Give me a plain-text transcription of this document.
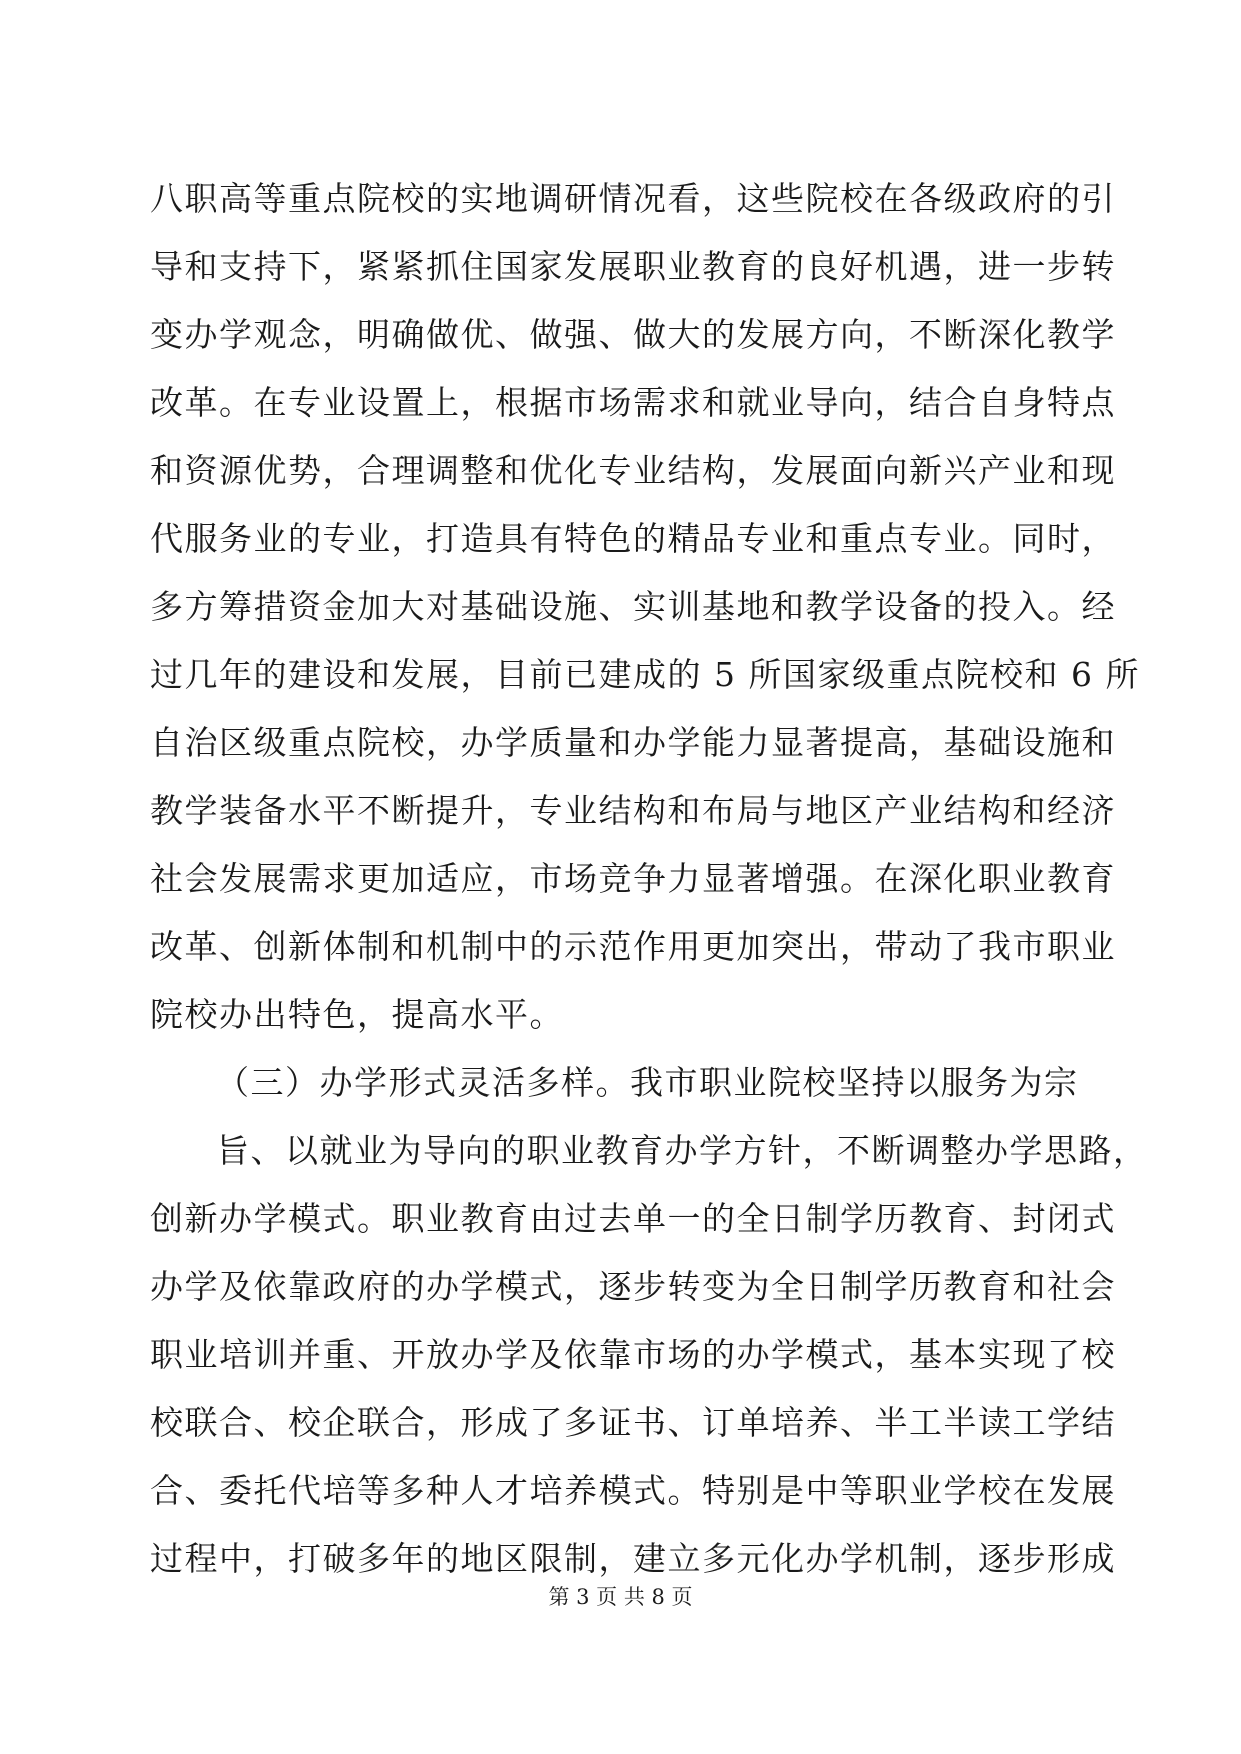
八职高等重点院校的实地调研情况看，这些院校在各级政府的引
导和支持下，紧紧抓住国家发展职业教育的良好机遇，进一步转
变办学观念，明确做优、做强、做大的发展方向，不断深化教学
改革。在专业设置上，根据市场需求和就业导向，结合自身特点
和资源优势，合理调整和优化专业结构，发展面向新兴产业和现
代服务业的专业，打造具有特色的精品专业和重点专业。同时，
多方筹措资金加大对基础设施、实训基地和教学设备的投入。经
过几年的建设和发展，目前已建成的 5 所国家级重点院校和 6 所
自治区级重点院校，办学质量和办学能力显著提高，基础设施和
教学装备水平不断提升，专业结构和布局与地区产业结构和经济
社会发展需求更加适应，市场竞争力显著增强。在深化职业教育
改革、创新体制和机制中的示范作用更加突出，带动了我市职业
院校办出特色，提高水平。
（三）办学形式灵活多样。我市职业院校坚持以服务为宗
旨、以就业为导向的职业教育办学方针，不断调整办学思路，
创新办学模式。职业教育由过去单一的全日制学历教育、封闭式
办学及依靠政府的办学模式，逐步转变为全日制学历教育和社会
职业培训并重、开放办学及依靠市场的办学模式，基本实现了校
校联合、校企联合，形成了多证书、订单培养、半工半读工学结
合、委托代培等多种人才培养模式。特别是中等职业学校在发展
过程中，打破多年的地区限制，建立多元化办学机制，逐步形成
第 3 页 共 8 页
